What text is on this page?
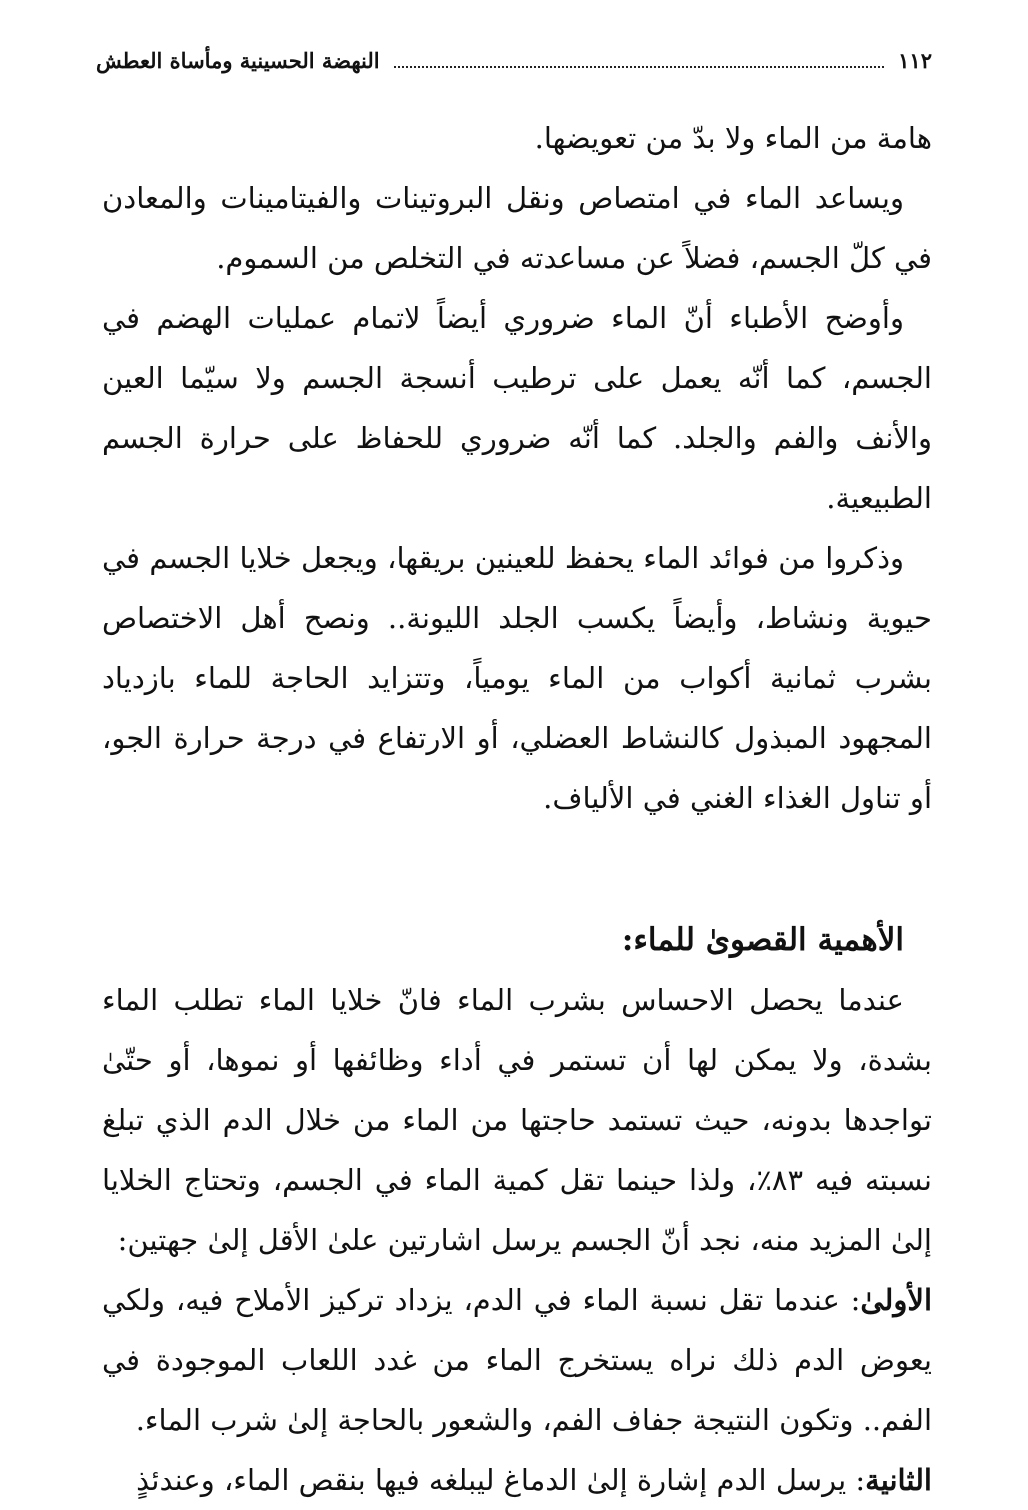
١١٢
النهضة الحسينية ومأساة العطش

هامة من الماء ولا بدّ من تعويضها.

ويساعد الماء في امتصاص ونقل البروتينات والفيتامينات والمعادن في كلّ الجسم، فضلاً عن مساعدته في التخلص من السموم.

وأوضح الأطباء أنّ الماء ضروري أيضاً لاتمام عمليات الهضم في الجسم، كما أنّه يعمل على ترطيب أنسجة الجسم ولا سيّما العين والأنف والفم والجلد. كما أنّه ضروري للحفاظ على حرارة الجسم الطبيعية.

وذكروا من فوائد الماء يحفظ للعينين بريقها، ويجعل خلايا الجسم في حيوية ونشاط، وأيضاً يكسب الجلد الليونة.. ونصح أهل الاختصاص بشرب ثمانية أكواب من الماء يومياً، وتتزايد الحاجة للماء بازدياد المجهود المبذول كالنشاط العضلي، أو الارتفاع في درجة حرارة الجو، أو تناول الغذاء الغني في الألياف.

الأهمية القصوىٰ للماء:

عندما يحصل الاحساس بشرب الماء فانّ خلايا الماء تطلب الماء بشدة، ولا يمكن لها أن تستمر في أداء وظائفها أو نموها، أو حتّىٰ تواجدها بدونه، حيث تستمد حاجتها من الماء من خلال الدم الذي تبلغ نسبته فيه ٨٣٪، ولذا حينما تقل كمية الماء في الجسم، وتحتاج الخلايا إلىٰ المزيد منه، نجد أنّ الجسم يرسل اشارتين علىٰ الأقل إلىٰ جهتين:

الأولىٰ: عندما تقل نسبة الماء في الدم، يزداد تركيز الأملاح فيه، ولكي يعوض الدم ذلك نراه يستخرج الماء من غدد اللعاب الموجودة في الفم.. وتكون النتيجة جفاف الفم، والشعور بالحاجة إلىٰ شرب الماء.

الثانية: يرسل الدم إشارة إلىٰ الدماغ ليبلغه فيها بنقص الماء، وعندئذٍ
